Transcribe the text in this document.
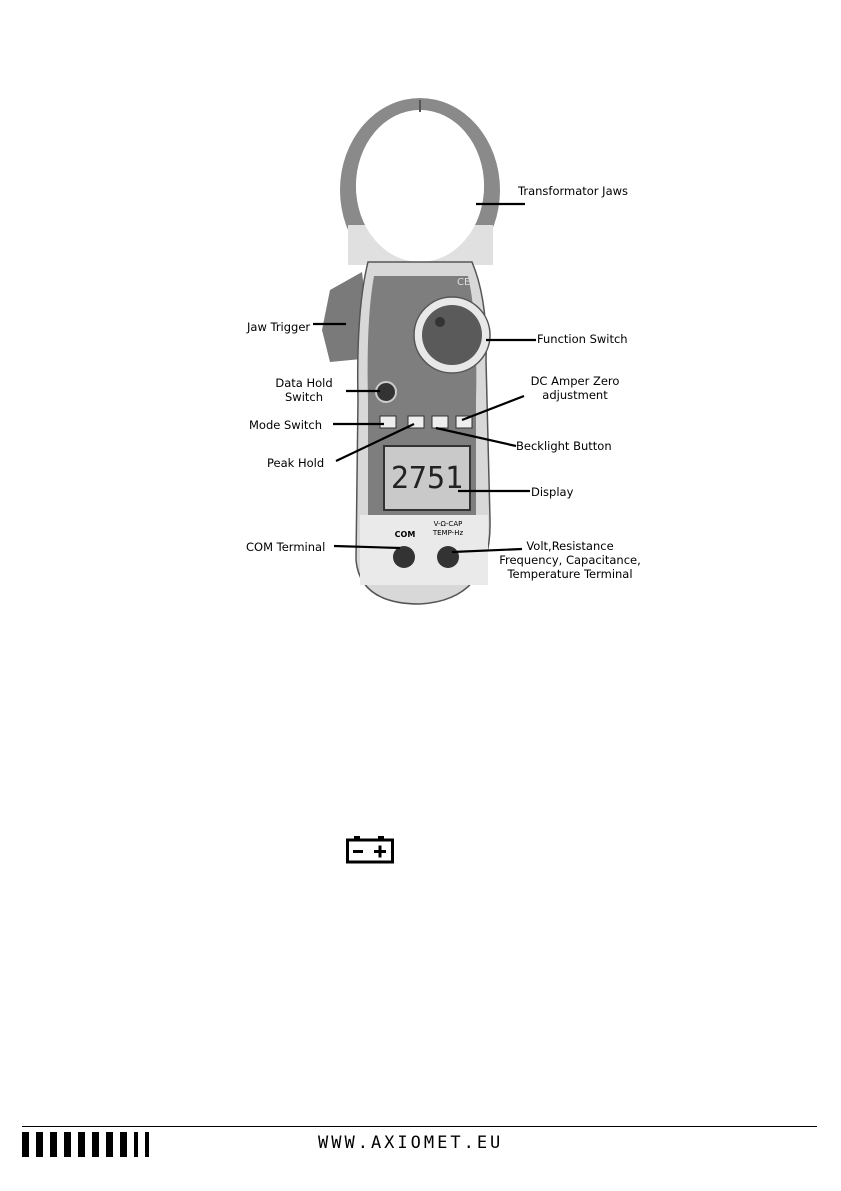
CE
2751
COM
V-Ω-CAP
TEMP-Hz
Transformator Jaws
Jaw Trigger
Function Switch
Data Hold
Switch
DC Amper Zero
adjustment
Mode Switch
Becklight Button
Peak Hold
Display
COM Terminal	Volt,Resistance
Frequency, Capacitance,
Temperature Terminal
WWW.AXIOMET.EU
